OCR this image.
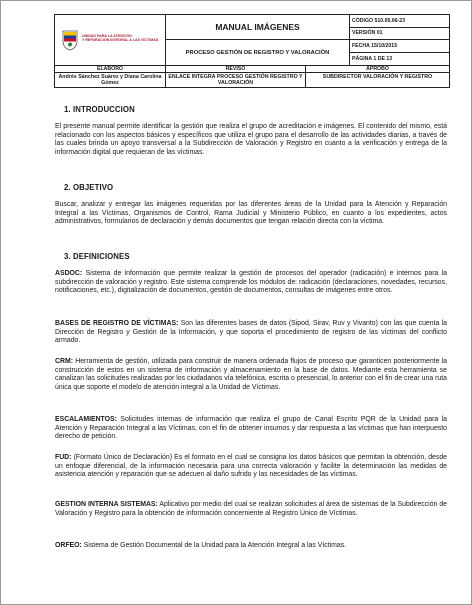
UNIDAD PARA LA ATENCIÓN
Y REPARACIÓN INTEGRAL A LAS VÍCTIMAS
MANUAL IMÁGENES
PROCESO GESTIÓN DE REGISTRO Y VALORACIÓN
CÓDIGO 510.05.06-23
VERSIÓN 01
FECHA 15/10/2015
PÁGINA 1 DE 13
ELABORO
Andrés Sánchez Suárez y Diana Carolina Gómez
REVISO
ENLACE INTEGRA PROCESO GESTIÓN REGISTRO Y VALORACIÓN
APROBO
SUBDIRECTOR VALORACIÓN Y REGISTRO
1. INTRODUCCION
El presente manual permite identificar la gestión que realiza el grupo de acreditación e imágenes. El contenido del mismo, está relacionado con los aspectos básicos y específicos que utiliza el grupo para el desarrollo de las actividades diarias, a través de las cuales brinda un apoyo transversal a la Subdirección de Valoración y Registro en cuanto a la verificación y entrega de la información digital que requieran de las víctimas.
2. OBJETIVO
Buscar, analizar y entregar las imágenes requeridas por las diferentes áreas de la Unidad para la Atención y Reparación Integral a las Víctimas, Organismos de Control, Rama Judicial y Ministerio Público, en cuanto a los expedientes, actos administrativos, formularios de declaración y demás documentos que tengan relación directa con la víctima.
3. DEFINICIONES
ASDOC: Sistema de información que permite realizar la gestión de procesos del operador (radicación) e internos para la subdirección de valoración y registro. Este sistema comprende los módulos de: radicación (declaraciones, novedades, recursos, notificaciones, etc.), digitalización de documentos, gestión de documentos, consultas de imágenes entre otros.
BASES DE REGISTRO DE VÍCTIMAS: Son las diferentes bases de datos (Sipod, Sirav, Ruv y Vivanto) con las que cuenta la Dirección de Registro y Gestión de la Información, y que soporta el procedimiento de registro de las víctimas del conflicto armado.
CRM: Herramienta de gestión, utilizada para construir de manera ordenada flujos de proceso que garanticen posteriormente la construcción de estos en un sistema de información y almacenamiento en la base de datos. Mediante esta herramienta se canalizan las solicitudes realizadas por los ciudadanos vía telefónica, escrita o presencial, lo anterior con el fin de crear una ruta única que soporte el modelo de atención integral a la Unidad de Víctimas.
ESCALAMIENTOS: Solicitudes internas de información que realiza el grupo de Canal Escrito PQR de la Unidad para la Atención y Reparación Integral a las Víctimas, con el fin de obtener insumos y dar respuesta a las víctimas que han interpuesto derecho de petición.
FUD: (Formato Único de Declaración) Es el formato en el cual se consigna los datos básicos que permitan la obtención, desde un enfoque diferencial, de la información necesaria para una correcta valoración y facilite la determinación las medidas de asistencia atención y reparación que se adecuen al daño sufrido y las necesidades de las víctimas.
GESTION INTERNA SISTEMAS: Aplicativo por medio del cual se realizan solicitudes al área de sistemas de la Subdirección de Valoración y Registro para la obtención de información concerniente al Registro Único de Víctimas.
ORFEO: Sistema de Gestión Documental de la Unidad para la Atención Integral a las Víctimas.
